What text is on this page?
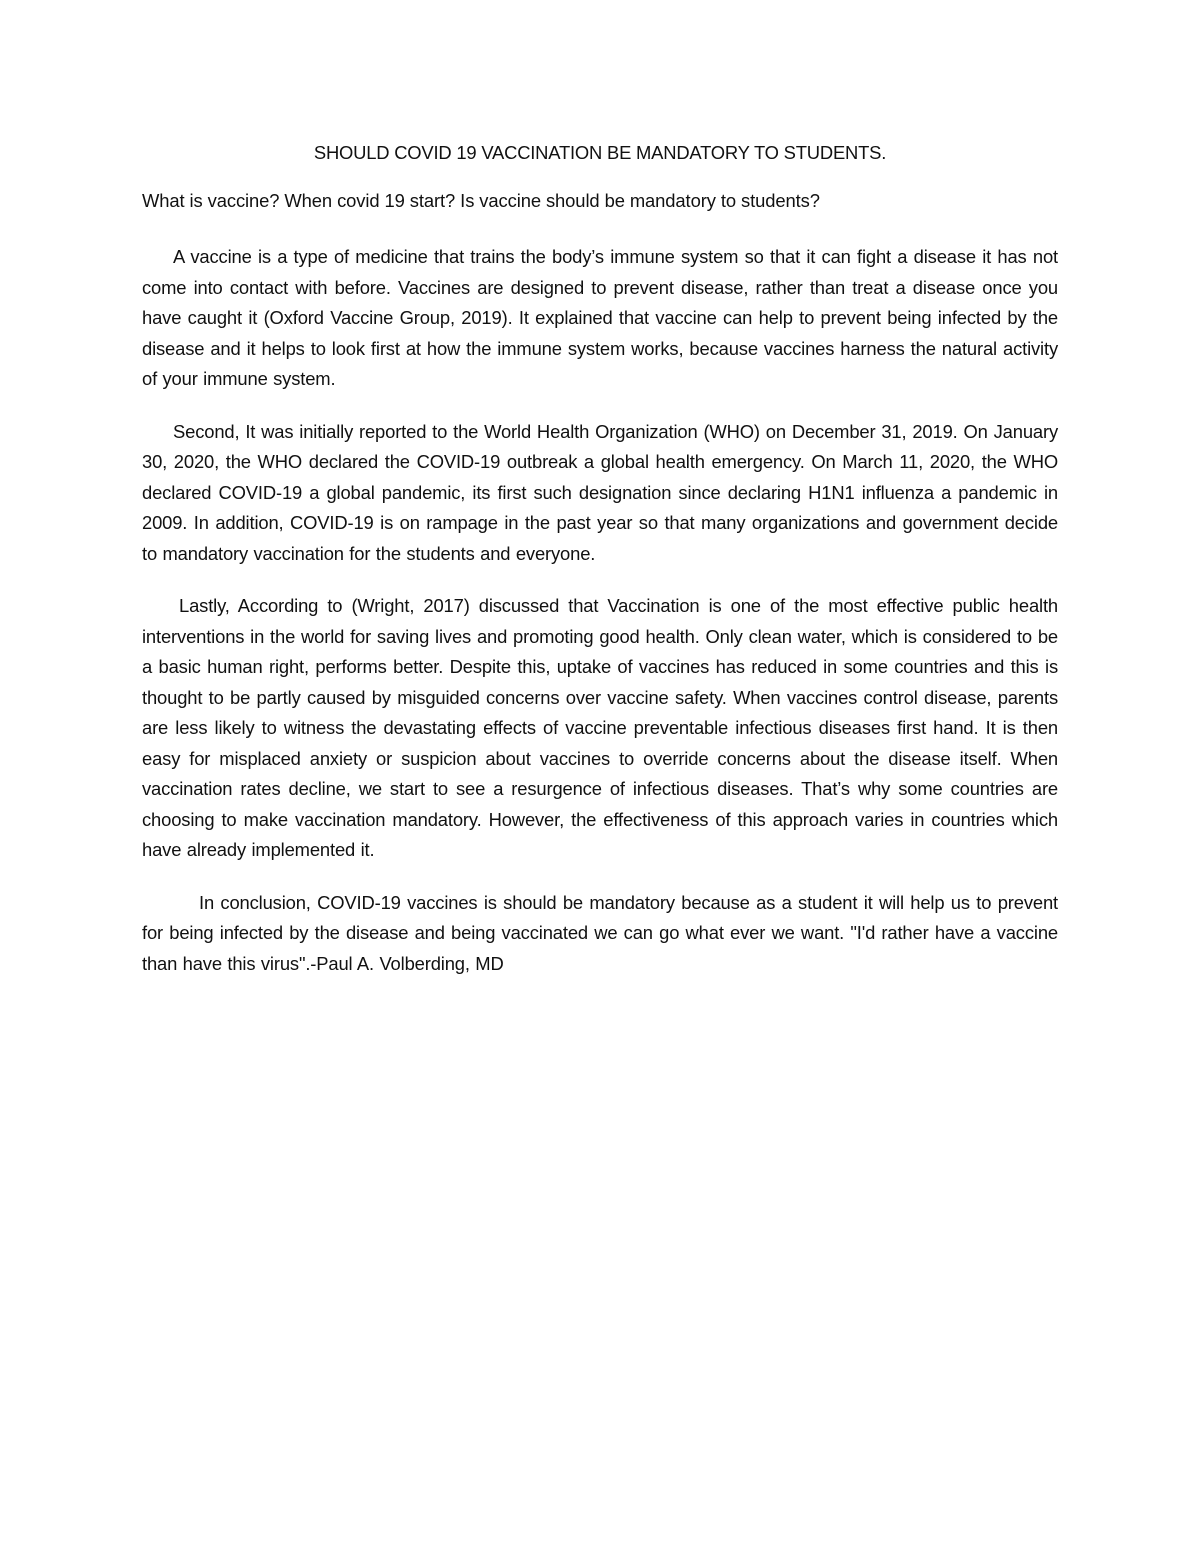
SHOULD COVID 19 VACCINATION BE MANDATORY TO STUDENTS.

What is vaccine? When covid 19 start? Is vaccine should be mandatory to students?

A vaccine is a type of medicine that trains the body’s immune system so that it can fight a disease it has not come into contact with before. Vaccines are designed to prevent disease, rather than treat a disease once you have caught it (Oxford Vaccine Group, 2019). It explained that vaccine can help to prevent being infected by the disease and it helps to look first at how the immune system works, because vaccines harness the natural activity of your immune system.

Second, It was initially reported to the World Health Organization (WHO) on December 31, 2019. On January 30, 2020, the WHO declared the COVID-19 outbreak a global health emergency. On March 11, 2020, the WHO declared COVID-19 a global pandemic, its first such designation since declaring H1N1 influenza a pandemic in 2009. In addition, COVID-19 is on rampage in the past year so that many organizations and government decide to mandatory vaccination for the students and everyone.

Lastly, According to (Wright, 2017) discussed that Vaccination is one of the most effective public health interventions in the world for saving lives and promoting good health. Only clean water, which is considered to be a basic human right, performs better. Despite this, uptake of vaccines has reduced in some countries and this is thought to be partly caused by misguided concerns over vaccine safety. When vaccines control disease, parents are less likely to witness the devastating effects of vaccine preventable infectious diseases first hand. It is then easy for misplaced anxiety or suspicion about vaccines to override concerns about the disease itself. When vaccination rates decline, we start to see a resurgence of infectious diseases. That’s why some countries are choosing to make vaccination mandatory. However, the effectiveness of this approach varies in countries which have already implemented it.

In conclusion, COVID-19 vaccines is should be mandatory because as a student it will help us to prevent for being infected by the disease and being vaccinated we can go what ever we want. "I'd rather have a vaccine than have this virus".-Paul A. Volberding, MD
